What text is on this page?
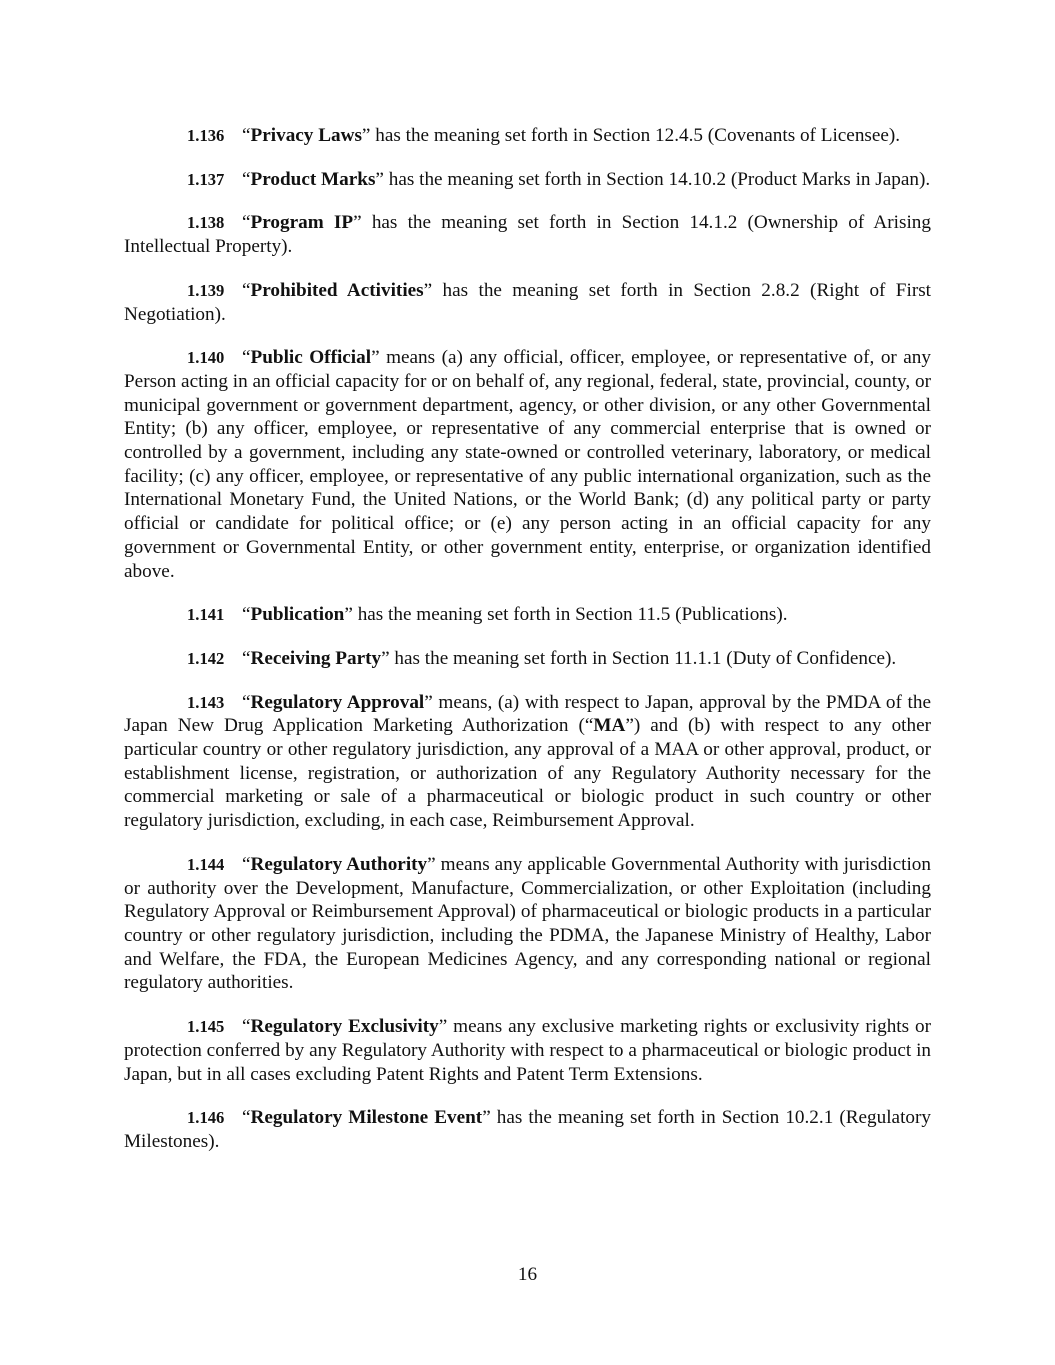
1.136 “Privacy Laws” has the meaning set forth in Section 12.4.5 (Covenants of Licensee).

1.137 “Product Marks” has the meaning set forth in Section 14.10.2 (Product Marks in Japan).

1.138 “Program IP” has the meaning set forth in Section 14.1.2 (Ownership of Arising Intellectual Property).

1.139 “Prohibited Activities” has the meaning set forth in Section 2.8.2 (Right of First Negotiation).

1.140 “Public Official” means (a) any official, officer, employee, or representative of, or any Person acting in an official capacity for or on behalf of, any regional, federal, state, provincial, county, or municipal government or government department, agency, or other division, or any other Governmental Entity; (b) any officer, employee, or representative of any commercial enterprise that is owned or controlled by a government, including any state-owned or controlled veterinary, laboratory, or medical facility; (c) any officer, employee, or representative of any public international organization, such as the International Monetary Fund, the United Nations, or the World Bank; (d) any political party or party official or candidate for political office; or (e) any person acting in an official capacity for any government or Governmental Entity, or other government entity, enterprise, or organization identified above.

1.141 “Publication” has the meaning set forth in Section 11.5 (Publications).

1.142 “Receiving Party” has the meaning set forth in Section 11.1.1 (Duty of Confidence).

1.143 “Regulatory Approval” means, (a) with respect to Japan, approval by the PMDA of the Japan New Drug Application Marketing Authorization (“MA”) and (b) with respect to any other particular country or other regulatory jurisdiction, any approval of a MAA or other approval, product, or establishment license, registration, or authorization of any Regulatory Authority necessary for the commercial marketing or sale of a pharmaceutical or biologic product in such country or other regulatory jurisdiction, excluding, in each case, Reimbursement Approval.

1.144 “Regulatory Authority” means any applicable Governmental Authority with jurisdiction or authority over the Development, Manufacture, Commercialization, or other Exploitation (including Regulatory Approval or Reimbursement Approval) of pharmaceutical or biologic products in a particular country or other regulatory jurisdiction, including the PDMA, the Japanese Ministry of Healthy, Labor and Welfare, the FDA, the European Medicines Agency, and any corresponding national or regional regulatory authorities.

1.145 “Regulatory Exclusivity” means any exclusive marketing rights or exclusivity rights or protection conferred by any Regulatory Authority with respect to a pharmaceutical or biologic product in Japan, but in all cases excluding Patent Rights and Patent Term Extensions.

1.146 “Regulatory Milestone Event” has the meaning set forth in Section 10.2.1 (Regulatory Milestones).

16
